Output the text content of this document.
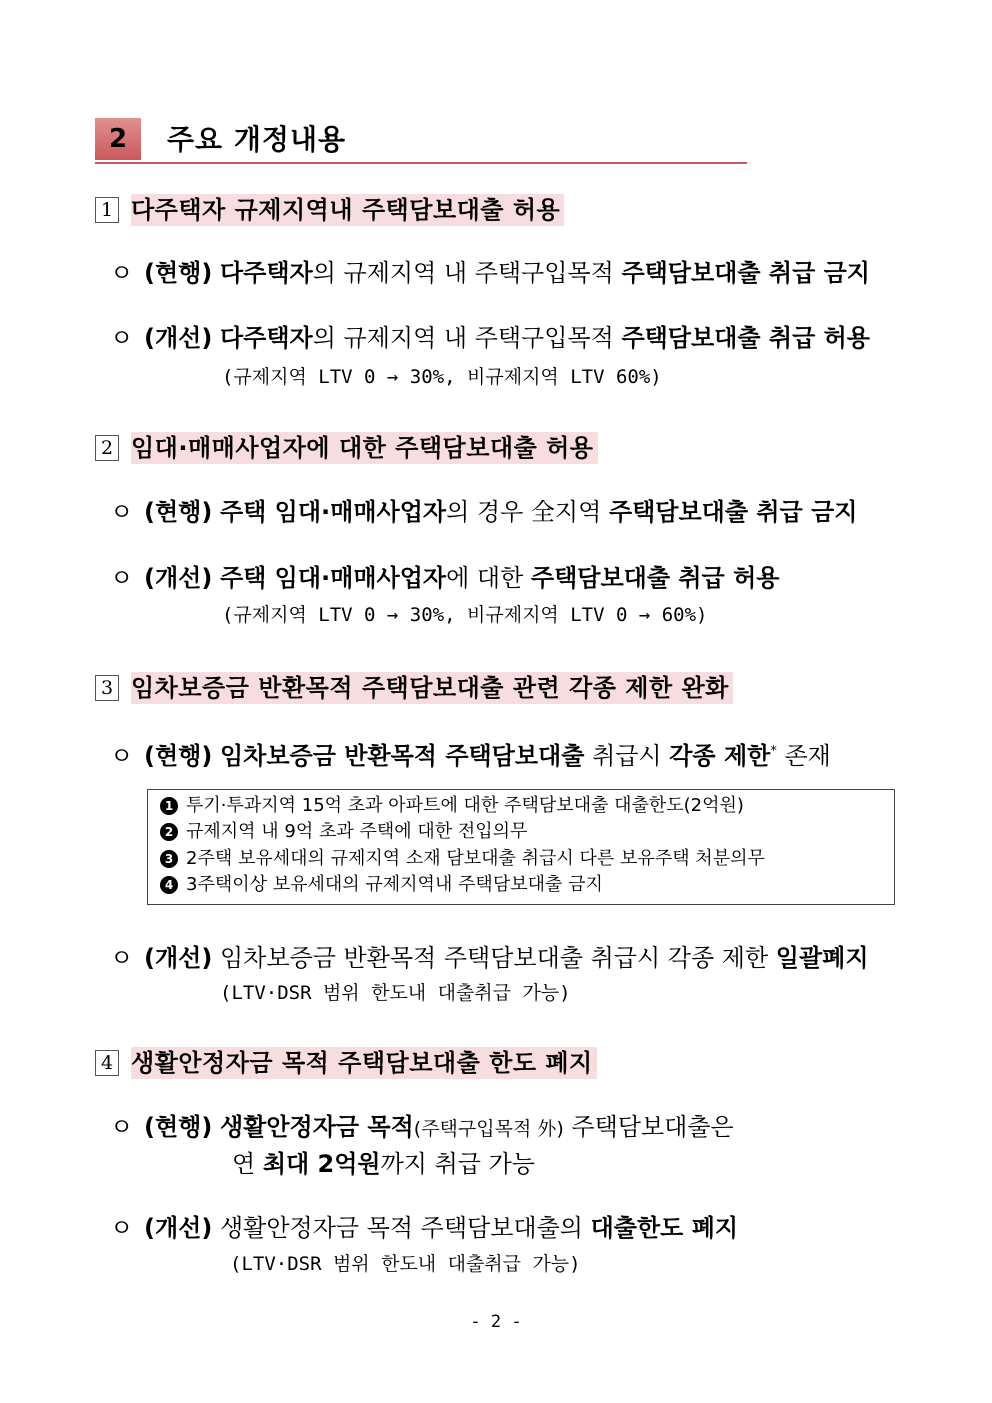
2	주요 개정내용
1 다주택자 규제지역내 주택담보대출 허용
ㅇ (현행) 다주택자의 규제지역 내 주택구입목적 주택담보대출 취급 금지
ㅇ (개선) 다주택자의 규제지역 내 주택구입목적 주택담보대출 취급 허용
(규제지역 LTV 0 → 30%, 비규제지역 LTV 60%)
2 임대·매매사업자에 대한 주택담보대출 허용
ㅇ (현행) 주택 임대·매매사업자의 경우 全지역 주택담보대출 취급 금지
ㅇ (개선) 주택 임대·매매사업자에 대한 주택담보대출 취급 허용
(규제지역 LTV 0 → 30%, 비규제지역 LTV 0 → 60%)
3 임차보증금 반환목적 주택담보대출 관련 각종 제한 완화
ㅇ (현행) 임차보증금 반환목적 주택담보대출 취급시 각종 제한* 존재
1 투기·투과지역 15억 초과 아파트에 대한 주택담보대출 대출한도(2억원)
2 규제지역 내 9억 초과 주택에 대한 전입의무
3 2주택 보유세대의 규제지역 소재 담보대출 취급시 다른 보유주택 처분의무
4 3주택이상 보유세대의 규제지역내 주택담보대출 금지
ㅇ (개선) 임차보증금 반환목적 주택담보대출 취급시 각종 제한 일괄폐지
(LTV·DSR 범위 한도내 대출취급 가능)
4 생활안정자금 목적 주택담보대출 한도 폐지
ㅇ (현행) 생활안정자금 목적(주택구입목적 外) 주택담보대출은
연 최대 2억원까지 취급 가능
ㅇ (개선) 생활안정자금 목적 주택담보대출의 대출한도 폐지
(LTV·DSR 범위 한도내 대출취급 가능)
- 2 -
